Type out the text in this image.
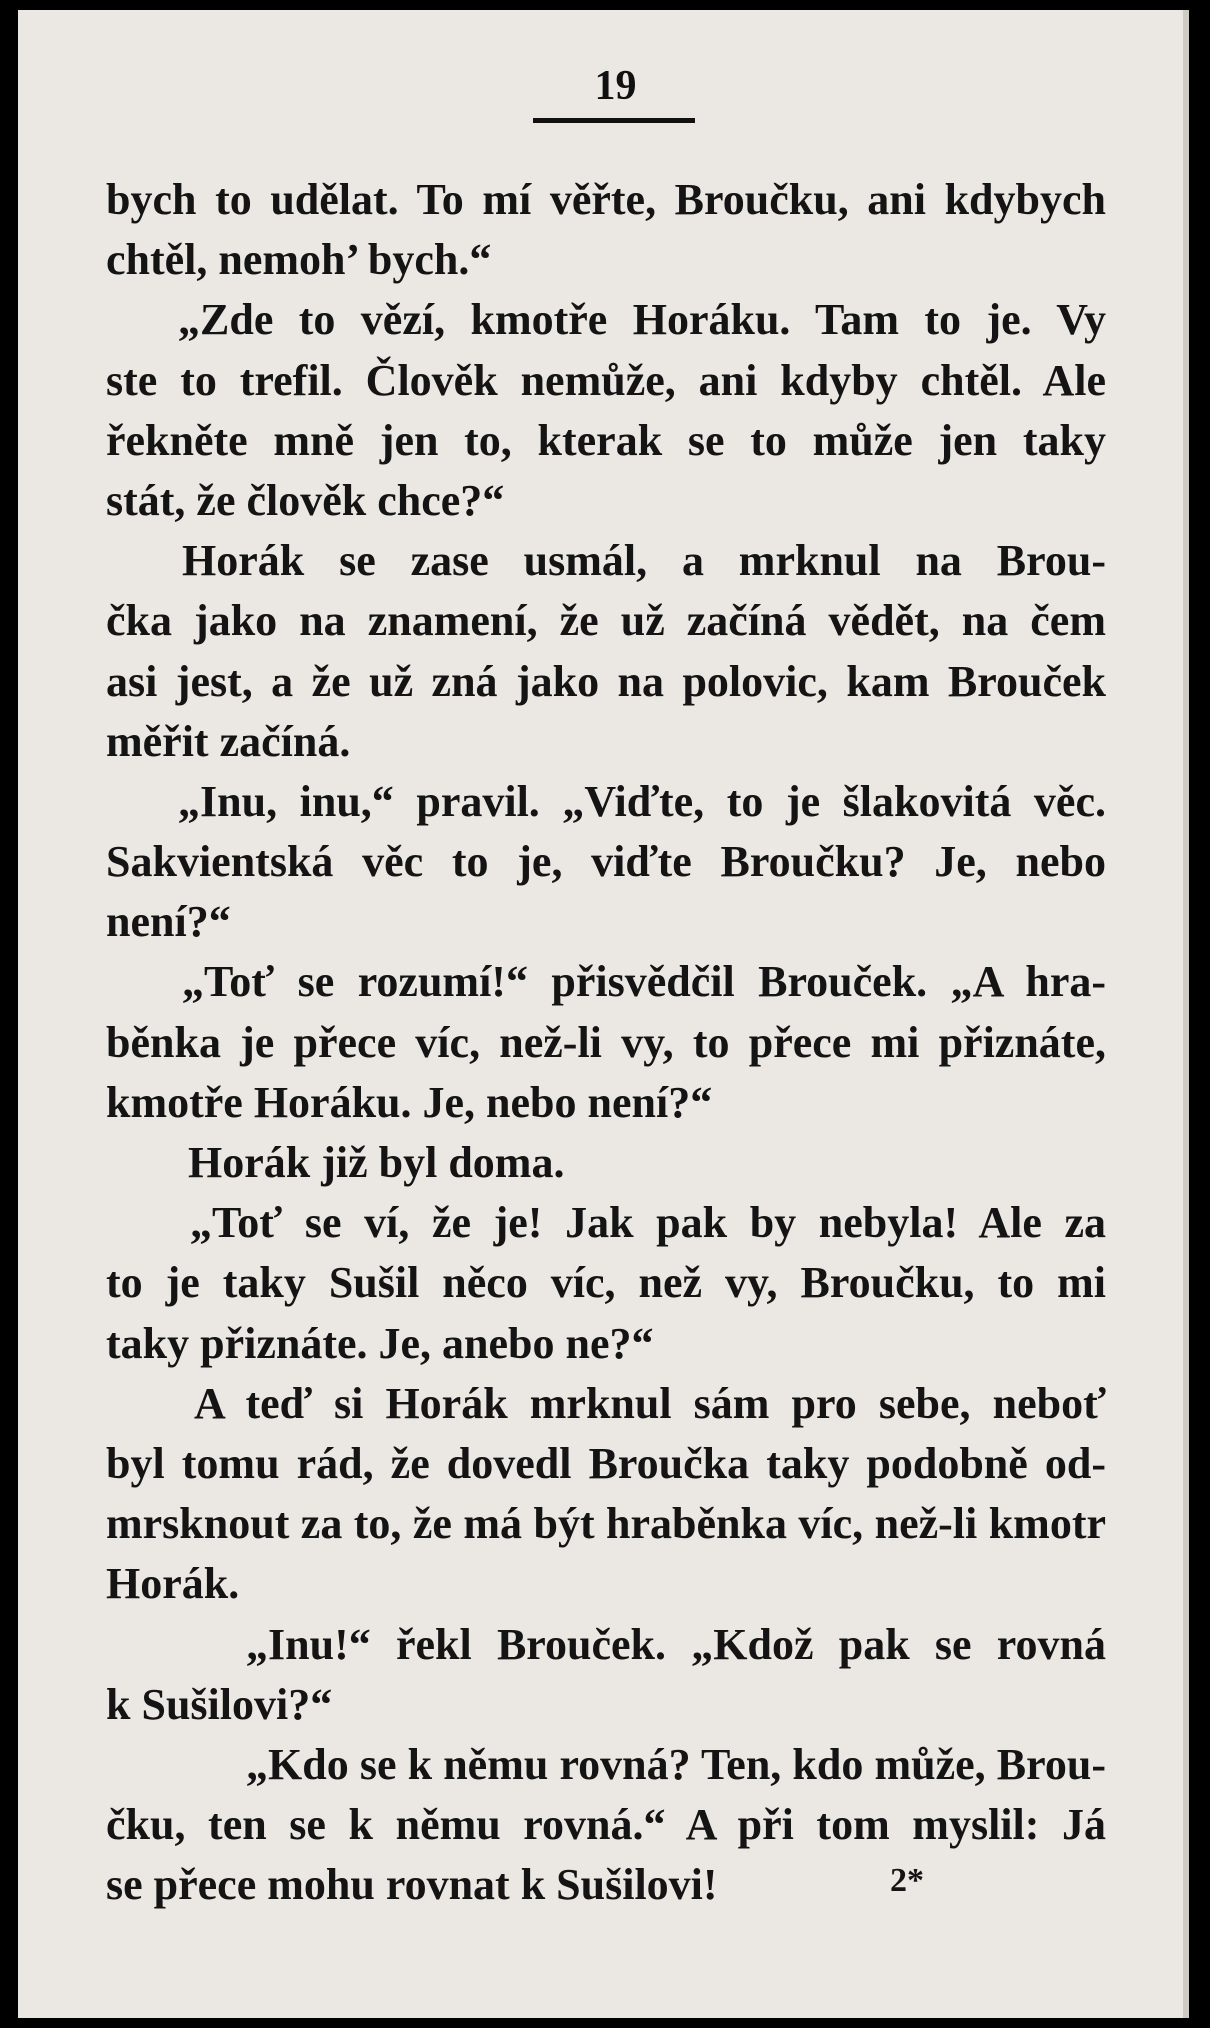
19
bych to udělat. To mí věřte, Broučku, ani kdybych
chtěl, nemoh’ bych.“
„Zde to vězí, kmotře Horáku. Tam to je. Vy
ste to trefil. Člověk nemůže, ani kdyby chtěl. Ale
řekněte mně jen to, kterak se to může jen taky
stát, že člověk chce?“
Horák se zase usmál, a mrknul na Brou-
čka jako na znamení, že už začíná vědět, na čem
asi jest, a že už zná jako na polovic, kam Brouček
měřit začíná.
„Inu, inu,“ pravil. „Viďte, to je šlakovitá věc.
Sakvientská věc to je, viďte Broučku? Je, nebo
není?“
„Toť se rozumí!“ přisvědčil Brouček. „A hra-
běnka je přece víc, než-li vy, to přece mi přiznáte,
kmotře Horáku. Je, nebo není?“
Horák již byl doma.
„Toť se ví, že je! Jak pak by nebyla! Ale za
to je taky Sušil něco víc, než vy, Broučku, to mi
taky přiznáte. Je, anebo ne?“
A teď si Horák mrknul sám pro sebe, neboť
byl tomu rád, že dovedl Broučka taky podobně od-
mrsknout za to, že má být hraběnka víc, než-li kmotr
Horák.
„Inu!“ řekl Brouček. „Kdož pak se rovná
k Sušilovi?“
„Kdo se k němu rovná? Ten, kdo může, Brou-
čku, ten se k němu rovná.“ A při tom myslil: Já
se přece mohu rovnat k Sušilovi!	2*
